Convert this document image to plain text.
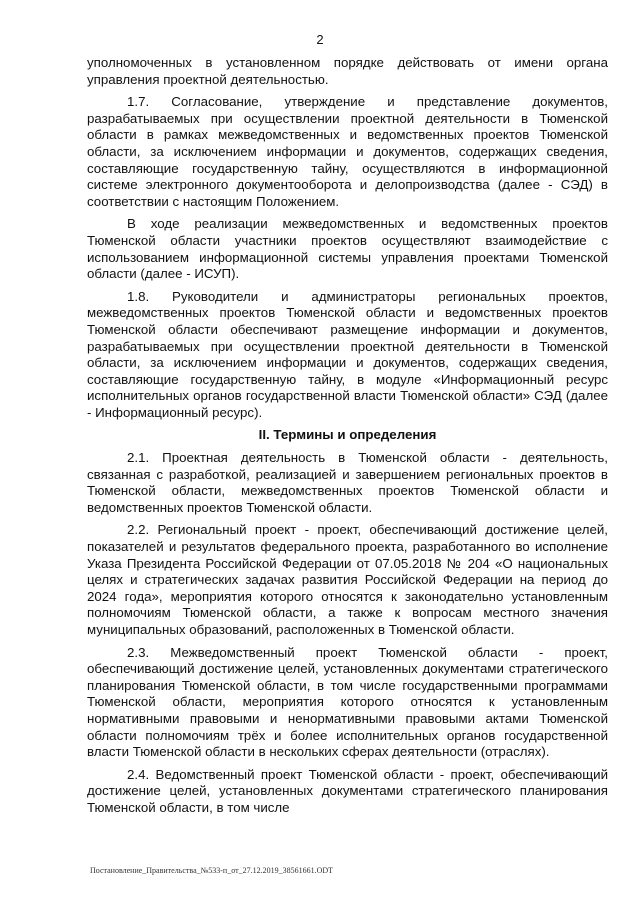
2

уполномоченных в установленном порядке действовать от имени органа управления проектной деятельностью.

1.7. Согласование, утверждение и представление документов, разрабатываемых при осуществлении проектной деятельности в Тюменской области в рамках межведомственных и ведомственных проектов Тюменской области, за исключением информации и документов, содержащих сведения, составляющие государственную тайну, осуществляются в информационной системе электронного документооборота и делопроизводства (далее - СЭД) в соответствии с настоящим Положением.

В ходе реализации межведомственных и ведомственных проектов Тюменской области участники проектов осуществляют взаимодействие с использованием информационной системы управления проектами Тюменской области (далее - ИСУП).

1.8. Руководители и администраторы региональных проектов, межведомственных проектов Тюменской области и ведомственных проектов Тюменской области обеспечивают размещение информации и документов, разрабатываемых при осуществлении проектной деятельности в Тюменской области, за исключением информации и документов, содержащих сведения, составляющие государственную тайну, в модуле «Информационный ресурс исполнительных органов государственной власти Тюменской области» СЭД (далее - Информационный ресурс).

II. Термины и определения

2.1. Проектная деятельность в Тюменской области - деятельность, связанная с разработкой, реализацией и завершением региональных проектов в Тюменской области, межведомственных проектов Тюменской области и ведомственных проектов Тюменской области.

2.2. Региональный проект - проект, обеспечивающий достижение целей, показателей и результатов федерального проекта, разработанного во исполнение Указа Президента Российской Федерации от 07.05.2018 № 204 «О национальных целях и стратегических задачах развития Российской Федерации на период до 2024 года», мероприятия которого относятся к законодательно установленным полномочиям Тюменской области, а также к вопросам местного значения муниципальных образований, расположенных в Тюменской области.

2.3. Межведомственный проект Тюменской области - проект, обеспечивающий достижение целей, установленных документами стратегического планирования Тюменской области, в том числе государственными программами Тюменской области, мероприятия которого относятся к установленным нормативными правовыми и ненормативными правовыми актами Тюменской области полномочиям трёх и более исполнительных органов государственной власти Тюменской области в нескольких сферах деятельности (отраслях).

2.4. Ведомственный проект Тюменской области - проект, обеспечивающий достижение целей, установленных документами стратегического планирования Тюменской области, в том числе

Постановление_Правительства_№533-п_от_27.12.2019_38561661.ODT
